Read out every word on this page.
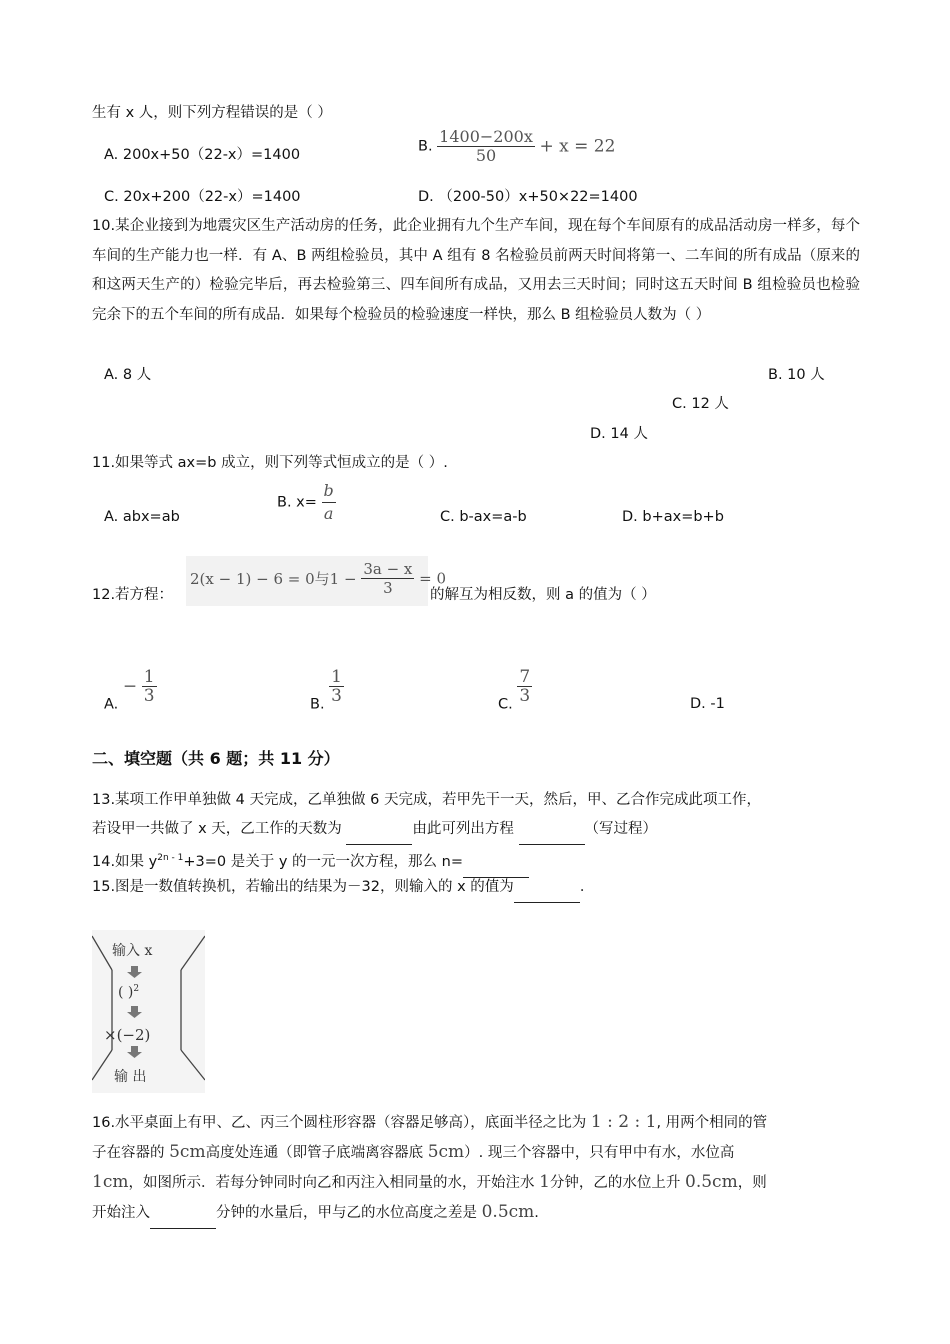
生有 x 人，则下列方程错误的是（ ）
A. 200x+50（22-x）=1400
B. $\frac{1400-200x}{50} + x = 22$
C. 20x+200（22-x）=1400	D. （200-50）x+50×22=1400
10.某企业接到为地震灾区生产活动房的任务，此企业拥有九个生产车间，现在每个车间原有的成品活动房一样多，每个车间的生产能力也一样．有 A、B 两组检验员，其中 A 组有 8 名检验员前两天时间将第一、二车间的所有成品（原来的和这两天生产的）检验完毕后，再去检验第三、四车间所有成品，又用去三天时间；同时这五天时间 B 组检验员也检验完余下的五个车间的所有成品．如果每个检验员的检验速度一样快，那么 B 组检验员人数为（ ）
A. 8 人	B. 10 人
C. 12 人
D. 14 人
11.如果等式 ax=b 成立，则下列等式恒成立的是（ ）.
A. abx=ab
B. $x= \frac{b}{a}$	C. b-ax=a-b	D. b+ax=b+b
12.若方程：
2(x − 1) − 6 = 0与$1 - \frac{3a - x}{3} = 0$
的解互为相反数，则 a 的值为（ ）
A. − $\frac{1}{3}$	B. $\frac{1}{3}$	C. $\frac{7}{3}$	D. -1
二、填空题（共 6 题；共 11 分）
13.某项工作甲单独做 4 天完成，乙单独做 6 天完成，若甲先干一天，然后，甲、乙合作完成此项工作，
若设甲一共做了 x 天，乙工作的天数为	由此可列出方程	（写过程）
14.如果 $y^{2n - 1}+3=0$ 是关于 y 的一元一次方程，那么 n=
15.图是一数值转换机，若输出的结果为－32，则输入的 x 的值为	．
输入 x
( )$^2$
×(−2)
输 出
16.水平桌面上有甲、乙、丙三个圆柱形容器（容器足够高），底面半径之比为 1 : 2 : 1, 用两个相同的管
子在容器的 5cm高度处连通（即管子底端离容器底 5cm）. 现三个容器中，只有甲中有水，水位高
1cm，如图所示．若每分钟同时向乙和丙注入相同量的水，开始注水 1分钟，乙的水位上升 0.5cm，则
开始注入	分钟的水量后，甲与乙的水位高度之差是 0.5cm.
